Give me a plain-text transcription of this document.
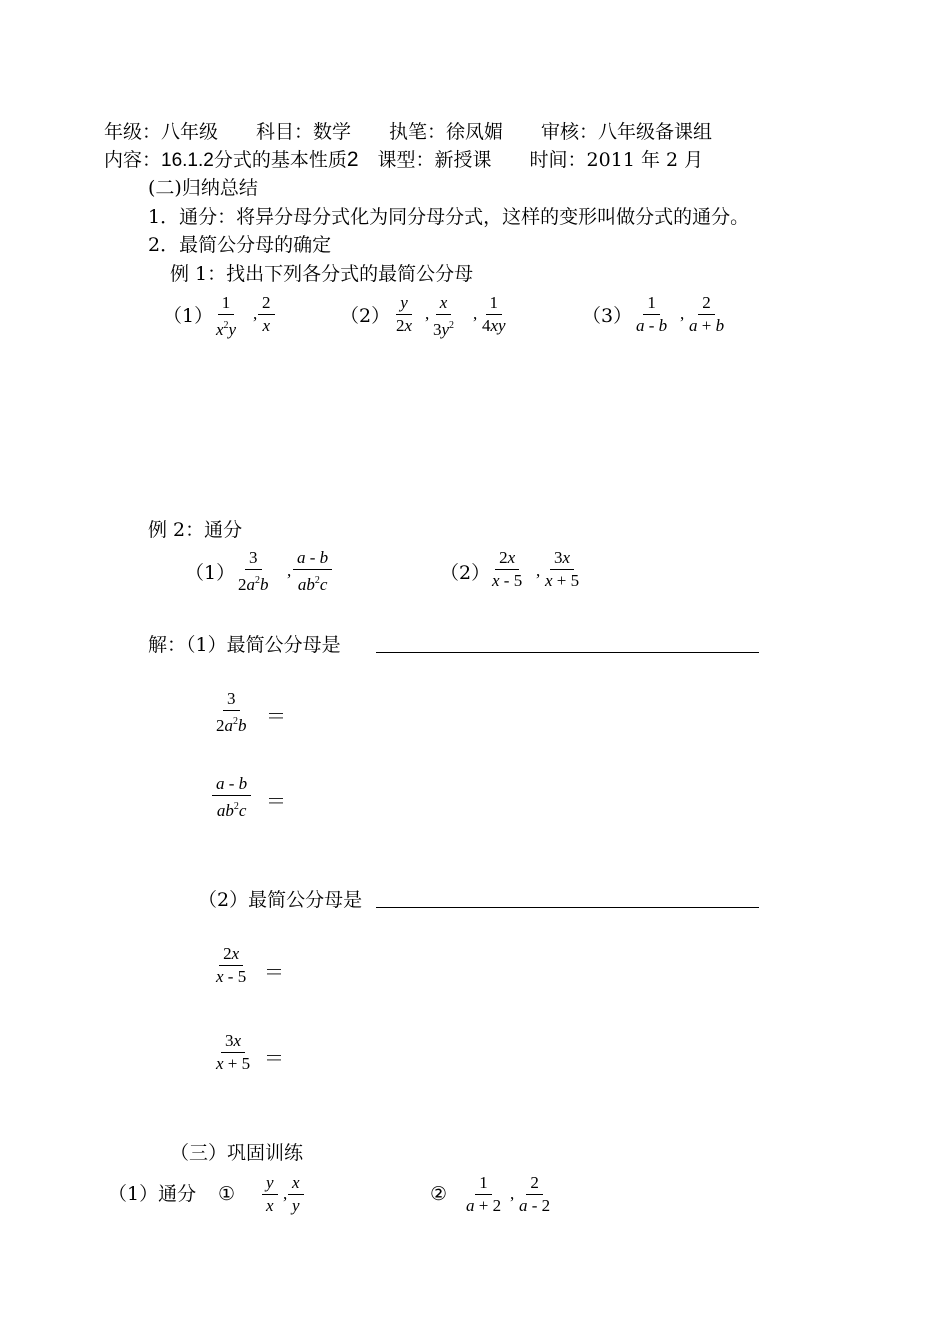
年级：八年级　　科目：数学　　执笔：徐凤媚　　审核：八年级备课组
内容：16.1.2分式的基本性质2　课型：新授课　　时间：2011 年 2 月
(二)归纳总结
1．通分：将异分母分式化为同分母分式，这样的变形叫做分式的通分。
2．最简公分母的确定
例 1：找出下列各分式的最简公分母
（1）
$\frac{1}{x^2y}$ , $\frac{2}{x}$	$(2) \frac{y}{2x}$ , $\frac{x}{3y^2}$ , $\frac{1}{4xy}$	$(3) \frac{1}{a - b}$ , $\frac{2}{a + b}$
例 2：通分
（1）
$\frac{3}{2a^2b}$ , $\frac{a - b}{ab^2c}$	（2）
$\frac{2x}{x - 5}$ , $\frac{3x}{x + 5}$
解：（1）最简公分母是
$\frac{3}{2a^2b}$ ＝
$\frac{a - b}{ab^2c}$ ＝
（2）最简公分母是
$\frac{2x}{x - 5}$ ＝
$\frac{3x}{x + 5}$ ＝
（三）巩固训练
（1）通分 ① $\frac{y}{x}$ , $\frac{x}{y}$	② $\frac{1}{a + 2}$ , $\frac{2}{a - 2}$
